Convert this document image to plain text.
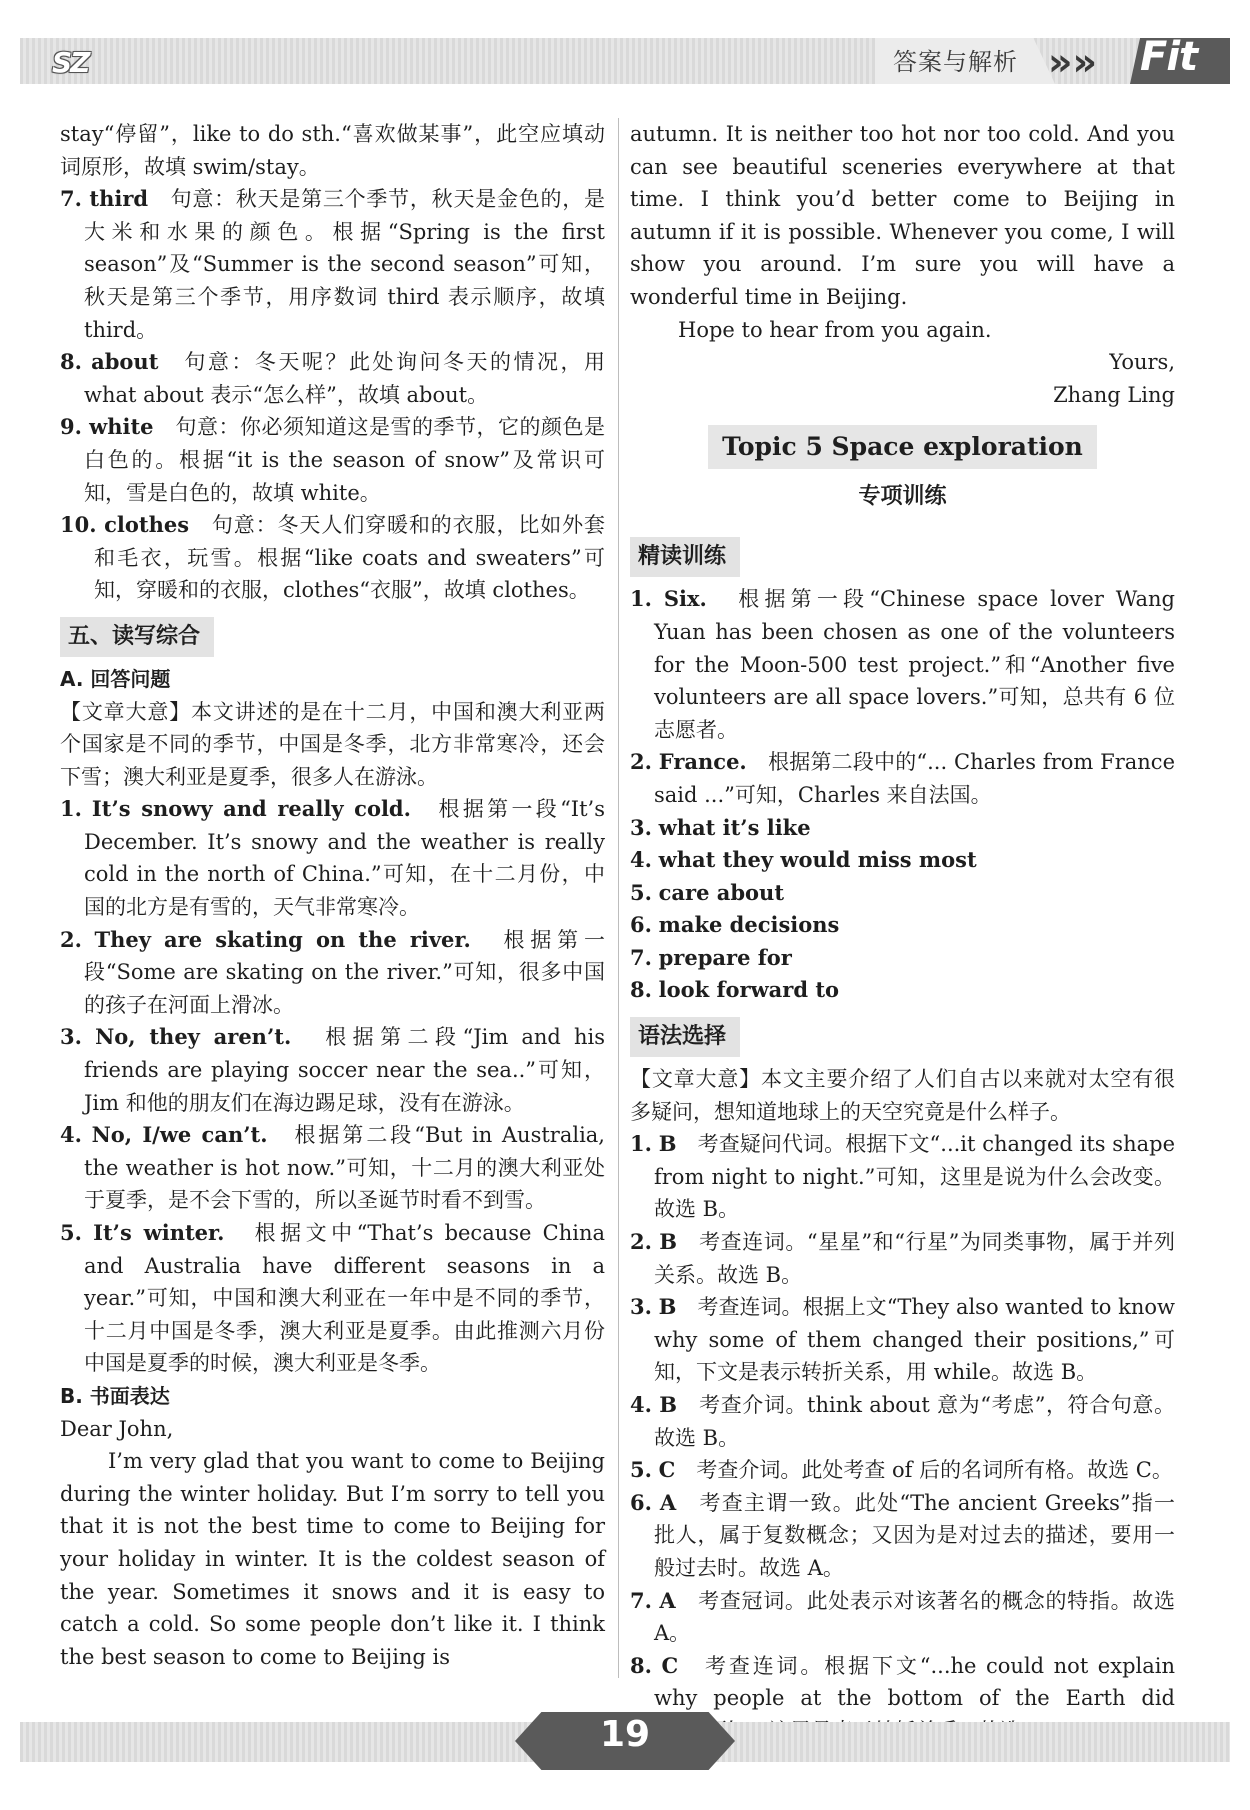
SZ	答案与解析 »» Fit

stay“停留”，like to do sth.“喜欢做某事”，此空应填动词原形，故填 swim/stay。

7. third　 句意：秋天是第三个季节，秋天是金色的，是大米和水果的颜色。根据“Spring is the first season”及“Summer is the second season”可知，秋天是第三个季节，用序数词 third 表示顺序，故填 third。

8. about　 句意：冬天呢？此处询问冬天的情况，用 what about 表示“怎么样”，故填 about。

9. white　 句意：你必须知道这是雪的季节，它的颜色是白色的。根据“it is the season of snow”及常识可知，雪是白色的，故填 white。

10. clothes　 句意：冬天人们穿暖和的衣服，比如外套和毛衣，玩雪。根据“like coats and sweaters”可知，穿暖和的衣服，clothes“衣服”，故填 clothes。

五、读写综合

A. 回答问题

【文章大意】本文讲述的是在十二月，中国和澳大利亚两个国家是不同的季节，中国是冬季，北方非常寒冷，还会下雪；澳大利亚是夏季，很多人在游泳。

1. It’s snowy and really cold.　 根据第一段“It’s December. It’s snowy and the weather is really cold in the north of China.”可知，在十二月份，中国的北方是有雪的，天气非常寒冷。

2. They are skating on the river.　 根据第一段“Some are skating on the river.”可知，很多中国的孩子在河面上滑冰。

3. No, they aren’t.　 根据第二段“Jim and his friends are playing soccer near the sea..”可知，Jim 和他的朋友们在海边踢足球，没有在游泳。

4. No, I/we can’t.　 根据第二段“But in Australia, the weather is hot now.”可知，十二月的澳大利亚处于夏季，是不会下雪的，所以圣诞节时看不到雪。

5. It’s winter.　 根据文中“That’s because China and Australia have different seasons in a year.”可知，中国和澳大利亚在一年中是不同的季节，十二月中国是冬季，澳大利亚是夏季。由此推测六月份中国是夏季的时候，澳大利亚是冬季。

B. 书面表达

Dear John,

I’m very glad that you want to come to Beijing during the winter holiday. But I’m sorry to tell you that it is not the best time to come to Beijing for your holiday in winter. It is the coldest season of the year. Sometimes it snows and it is easy to catch a cold. So some people don’t like it. I think the best season to come to Beijing is

autumn. It is neither too hot nor too cold. And you can see beautiful sceneries everywhere at that time. I think you’d better come to Beijing in autumn if it is possible. Whenever you come, I will show you around. I’m sure you will have a wonderful time in Beijing.

Hope to hear from you again.

Yours,

Zhang Ling

Topic 5 Space exploration
专项训练
精读训练

1. Six.　 根据第一段“Chinese space lover Wang Yuan has been chosen as one of the volunteers for the Moon-500 test project.”和“Another five volunteers are all space lovers.”可知，总共有 6 位志愿者。

2. France.　 根据第二段中的“... Charles from France said ...”可知，Charles 来自法国。

3. what it’s like

4. what they would miss most

5. care about

6. make decisions

7. prepare for

8. look forward to

语法选择

【文章大意】本文主要介绍了人们自古以来就对太空有很多疑问，想知道地球上的天空究竟是什么样子。

1. B　 考查疑问代词。根据下文“...it changed its shape from night to night.”可知，这里是说为什么会改变。故选 B。

2. B　 考查连词。“星星”和“行星”为同类事物，属于并列关系。故选 B。

3. B　 考查连词。根据上文“They also wanted to know why some of them changed their positions,”可知，下文是表示转折关系，用 while。故选 B。

4. B　 考查介词。think about 意为“考虑”，符合句意。故选 B。

5. C　 考查介词。此处考查 of 后的名词所有格。故选 C。

6. A　 考查主谓一致。此处“The ancient Greeks”指一批人，属于复数概念；又因为是对过去的描述，要用一般过去时。故选 A。

7. A　 考查冠词。此处表示对该著名的概念的特指。故选 A。

8. C　 考查连词。根据下文“...he could not explain why people at the bottom of the Earth did

19
